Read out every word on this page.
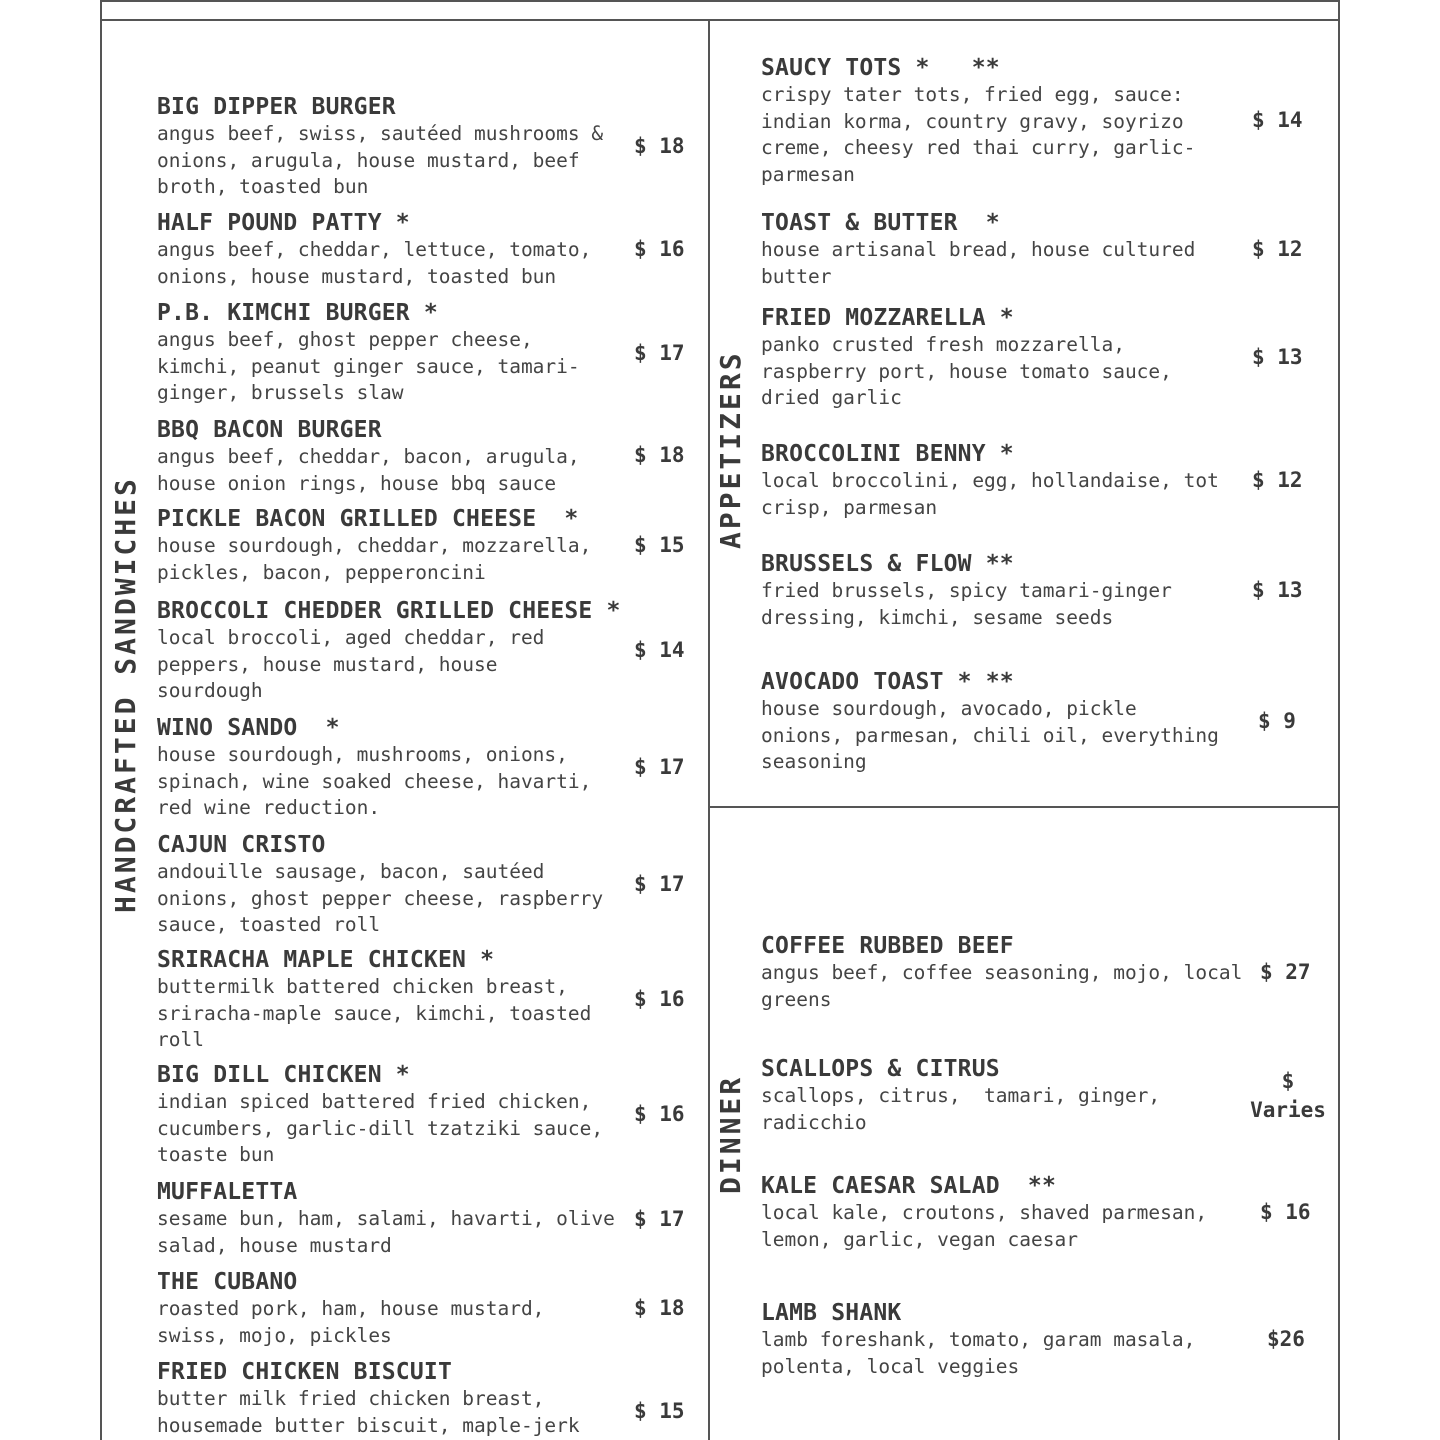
HANDCRAFTED SANDWICHES
APPETIZERS
DINNER
BIG DIPPER BURGER
angus beef, swiss, sautéed mushrooms &
onions, arugula, house mustard, beef
broth, toasted bun
$ 18
HALF POUND PATTY *
angus beef, cheddar, lettuce, tomato,
onions, house mustard, toasted bun
$ 16
P.B. KIMCHI BURGER *
angus beef, ghost pepper cheese,
kimchi, peanut ginger sauce, tamari-
ginger, brussels slaw
$ 17
BBQ BACON BURGER
angus beef, cheddar, bacon, arugula,
house onion rings, house bbq sauce
$ 18
PICKLE BACON GRILLED CHEESE  *
house sourdough, cheddar, mozzarella,
pickles, bacon, pepperoncini
$ 15
BROCCOLI CHEDDER GRILLED CHEESE *
local broccoli, aged cheddar, red
peppers, house mustard, house
sourdough
$ 14
WINO SANDO  *
house sourdough, mushrooms, onions,
spinach, wine soaked cheese, havarti,
red wine reduction.
$ 17
CAJUN CRISTO
andouille sausage, bacon, sautéed
onions, ghost pepper cheese, raspberry
sauce, toasted roll
$ 17
SRIRACHA MAPLE CHICKEN *
buttermilk battered chicken breast,
sriracha-maple sauce, kimchi, toasted
roll
$ 16
BIG DILL CHICKEN *
indian spiced battered fried chicken,
cucumbers, garlic-dill tzatziki sauce,
toaste bun
$ 16
MUFFALETTA
sesame bun, ham, salami, havarti, olive
salad, house mustard
$ 17
THE CUBANO
roasted pork, ham, house mustard,
swiss, mojo, pickles
$ 18
FRIED CHICKEN BISCUIT
butter milk fried chicken breast,
housemade butter biscuit, maple-jerk
$ 15
SAUCY TOTS *   **
crispy tater tots, fried egg, sauce:
indian korma, country gravy, soyrizo
creme, cheesy red thai curry, garlic-
parmesan
$ 14
TOAST & BUTTER  *
house artisanal bread, house cultured
butter
$ 12
FRIED MOZZARELLA *
panko crusted fresh mozzarella,
raspberry port, house tomato sauce,
dried garlic
$ 13
BROCCOLINI BENNY *
local broccolini, egg, hollandaise, tot
crisp, parmesan
$ 12
BRUSSELS & FLOW **
fried brussels, spicy tamari-ginger
dressing, kimchi, sesame seeds
$ 13
AVOCADO TOAST * **
house sourdough, avocado, pickle
onions, parmesan, chili oil, everything
seasoning
$ 9
COFFEE RUBBED BEEF
angus beef, coffee seasoning, mojo, local
greens
$ 27
SCALLOPS & CITRUS
scallops, citrus,  tamari, ginger,
radicchio
$
Varies
KALE CAESAR SALAD  **
local kale, croutons, shaved parmesan,
lemon, garlic, vegan caesar
$ 16
LAMB SHANK
lamb foreshank, tomato, garam masala,
polenta, local veggies
$26
